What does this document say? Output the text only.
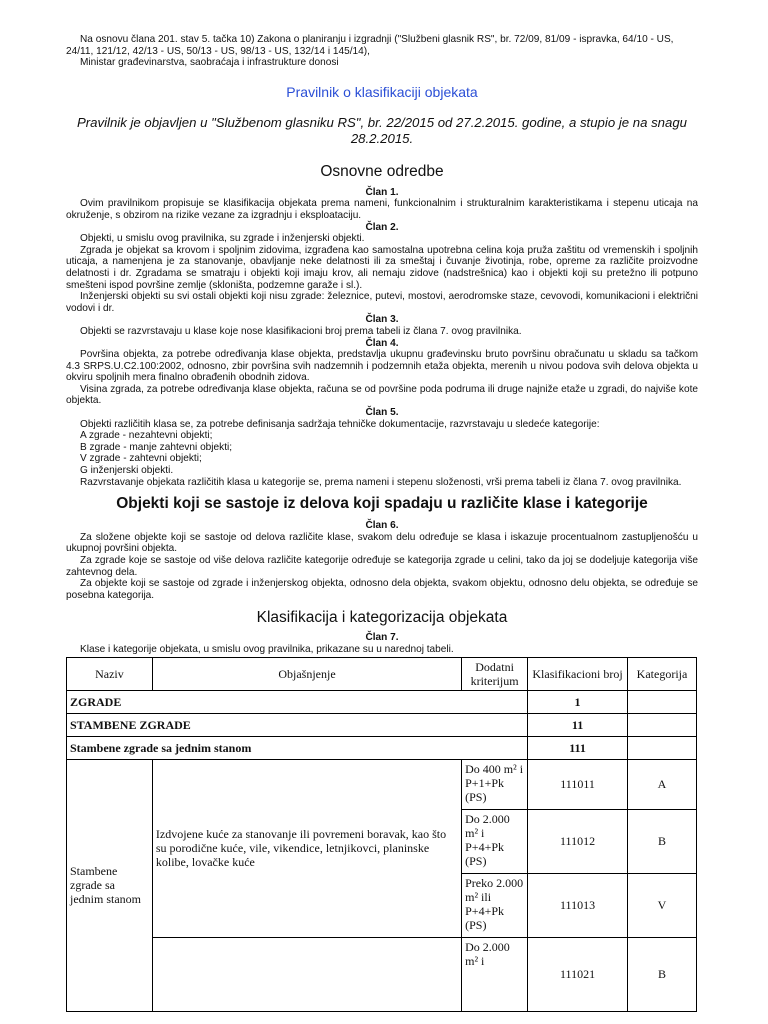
Na osnovu člana 201. stav 5. tačka 10) Zakona o planiranju i izgradnji ("Službeni glasnik RS", br. 72/09, 81/09 - ispravka, 64/10 - US, 24/11, 121/12, 42/13 - US, 50/13 - US, 98/13 - US, 132/14 i 145/14),

Ministar građevinarstva, saobraćaja i infrastrukture donosi

Pravilnik o klasifikaciji objekata
Pravilnik je objavljen u "Službenom glasniku RS", br. 22/2015 od 27.2.2015. godine, a stupio je na snagu 28.2.2015.
Osnovne odredbe
Član 1.

Ovim pravilnikom propisuje se klasifikacija objekata prema nameni, funkcionalnim i strukturalnim karakteristikama i stepenu uticaja na okruženje, s obzirom na rizike vezane za izgradnju i eksploataciju.

Član 2.

Objekti, u smislu ovog pravilnika, su zgrade i inženjerski objekti.

Zgrada je objekat sa krovom i spoljnim zidovima, izgrađena kao samostalna upotrebna celina koja pruža zaštitu od vremenskih i spoljnih uticaja, a namenjena je za stanovanje, obavljanje neke delatnosti ili za smeštaj i čuvanje životinja, robe, opreme za različite proizvodne delatnosti i dr. Zgradama se smatraju i objekti koji imaju krov, ali nemaju zidove (nadstrešnica) kao i objekti koji su pretežno ili potpuno smešteni ispod površine zemlje (skloništa, podzemne garaže i sl.).

Inženjerski objekti su svi ostali objekti koji nisu zgrade: železnice, putevi, mostovi, aerodromske staze, cevovodi, komunikacioni i električni vodovi i dr.

Član 3.

Objekti se razvrstavaju u klase koje nose klasifikacioni broj prema tabeli iz člana 7. ovog pravilnika.

Član 4.

Površina objekta, za potrebe određivanja klase objekta, predstavlja ukupnu građevinsku bruto površinu obračunatu u skladu sa tačkom 4.3 SRPS.U.C2.100:2002, odnosno, zbir površina svih nadzemnih i podzemnih etaža objekta, merenih u nivou podova svih delova objekta u okviru spoljnih mera finalno obrađenih obodnih zidova.

Visina zgrada, za potrebe određivanja klase objekta, računa se od površine poda podruma ili druge najniže etaže u zgradi, do najviše kote objekta.

Član 5.

Objekti različitih klasa se, za potrebe definisanja sadržaja tehničke dokumentacije, razvrstavaju u sledeće kategorije:

A zgrade - nezahtevni objekti;

B zgrade - manje zahtevni objekti;

V zgrade - zahtevni objekti;

G inženjerski objekti.

Razvrstavanje objekata različitih klasa u kategorije se, prema nameni i stepenu složenosti, vrši prema tabeli iz člana 7. ovog pravilnika.

Objekti koji se sastoje iz delova koji spadaju u različite klase i kategorije
Član 6.

Za složene objekte koji se sastoje od delova različite klase, svakom delu određuje se klasa i iskazuje procentualnom zastupljenošću u ukupnoj površini objekta.

Za zgrade koje se sastoje od više delova različite kategorije određuje se kategorija zgrade u celini, tako da joj se dodeljuje kategorija više zahtevnog dela.

Za objekte koji se sastoje od zgrade i inženjerskog objekta, odnosno dela objekta, svakom objektu, odnosno delu objekta, se određuje se posebna kategorija.

Klasifikacija i kategorizacija objekata
Član 7.

Klase i kategorije objekata, u smislu ovog pravilnika, prikazane su u narednoj tabeli.

Naziv	Objašnjenje	Dodatni kriterijum	Klasifikacioni broj	Kategorija
ZGRADE			1	
STAMBENE ZGRADE			11	
Stambene zgrade sa jednim stanom			111	
Stambene zgrade sa jednim stanom	Izdvojene kuće za stanovanje ili povremeni boravak, kao što su porodične kuće, vile, vikendice, letnjikovci, planinske kolibe, lovačke kuće	Do 400 m² i P+1+Pk (PS)	111011	A
		Do 2.000 m² i P+4+Pk (PS)	111012	B
		Preko 2.000 m² ili P+4+Pk (PS)	111013	V
		Do 2.000 m² i	111021	B
